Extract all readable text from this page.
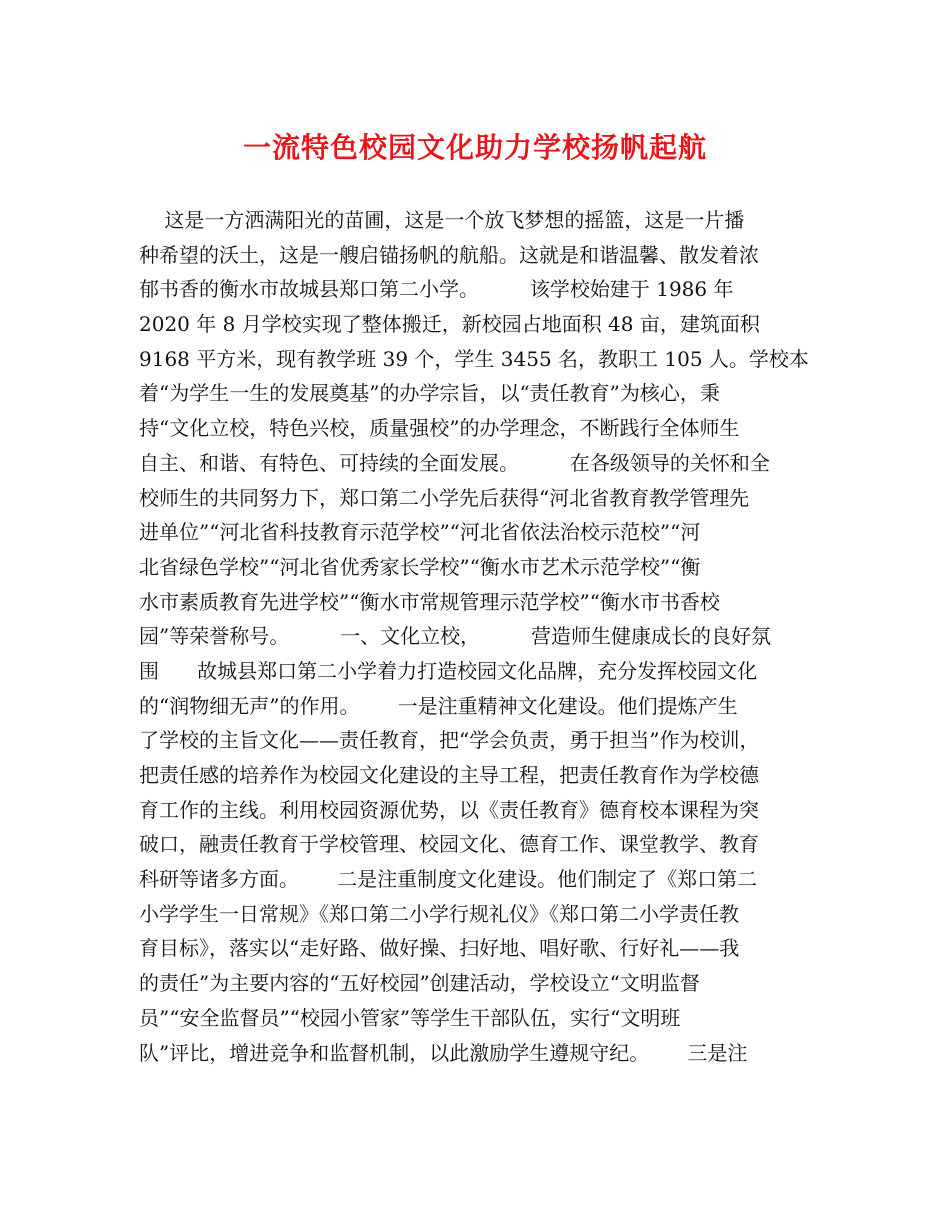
一流特色校园文化助力学校扬帆起航
这是一方洒满阳光的苗圃，这是一个放飞梦想的摇篮，这是一片播
种希望的沃土，这是一艘启锚扬帆的航船。这就是和谐温馨、散发着浓
郁书香的衡水市故城县郑口第二小学。        该学校始建于 1986 年
2020 年 8 月学校实现了整体搬迁，新校园占地面积 48 亩，建筑面积
9168 平方米，现有教学班 39 个，学生 3455 名，教职工 105 人。学校本
着“为学生一生的发展奠基”的办学宗旨，以“责任教育”为核心，秉
持“文化立校，特色兴校，质量强校”的办学理念，不断践行全体师生
自主、和谐、有特色、可持续的全面发展。        在各级领导的关怀和全
校师生的共同努力下，郑口第二小学先后获得“河北省教育教学管理先
进单位”“河北省科技教育示范学校”“河北省依法治校示范校”“河
北省绿色学校”“河北省优秀家长学校”“衡水市艺术示范学校”“衡
水市素质教育先进学校”“衡水市常规管理示范学校”“衡水市书香校
园”等荣誉称号。        一、文化立校，        营造师生健康成长的良好氛
围      故城县郑口第二小学着力打造校园文化品牌，充分发挥校园文化
的“润物细无声”的作用。      一是注重精神文化建设。他们提炼产生
了学校的主旨文化——责任教育，把“学会负责，勇于担当”作为校训，
把责任感的培养作为校园文化建设的主导工程，把责任教育作为学校德
育工作的主线。利用校园资源优势，以《责任教育》德育校本课程为突
破口，融责任教育于学校管理、校园文化、德育工作、课堂教学、教育
科研等诸多方面。      二是注重制度文化建设。他们制定了《郑口第二
小学学生一日常规》《郑口第二小学行规礼仪》《郑口第二小学责任教
育目标》，落实以“走好路、做好操、扫好地、唱好歌、行好礼——我
的责任”为主要内容的“五好校园”创建活动，学校设立“文明监督
员”“安全监督员”“校园小管家”等学生干部队伍，实行“文明班
队”评比，增进竞争和监督机制，以此激励学生遵规守纪。      三是注
